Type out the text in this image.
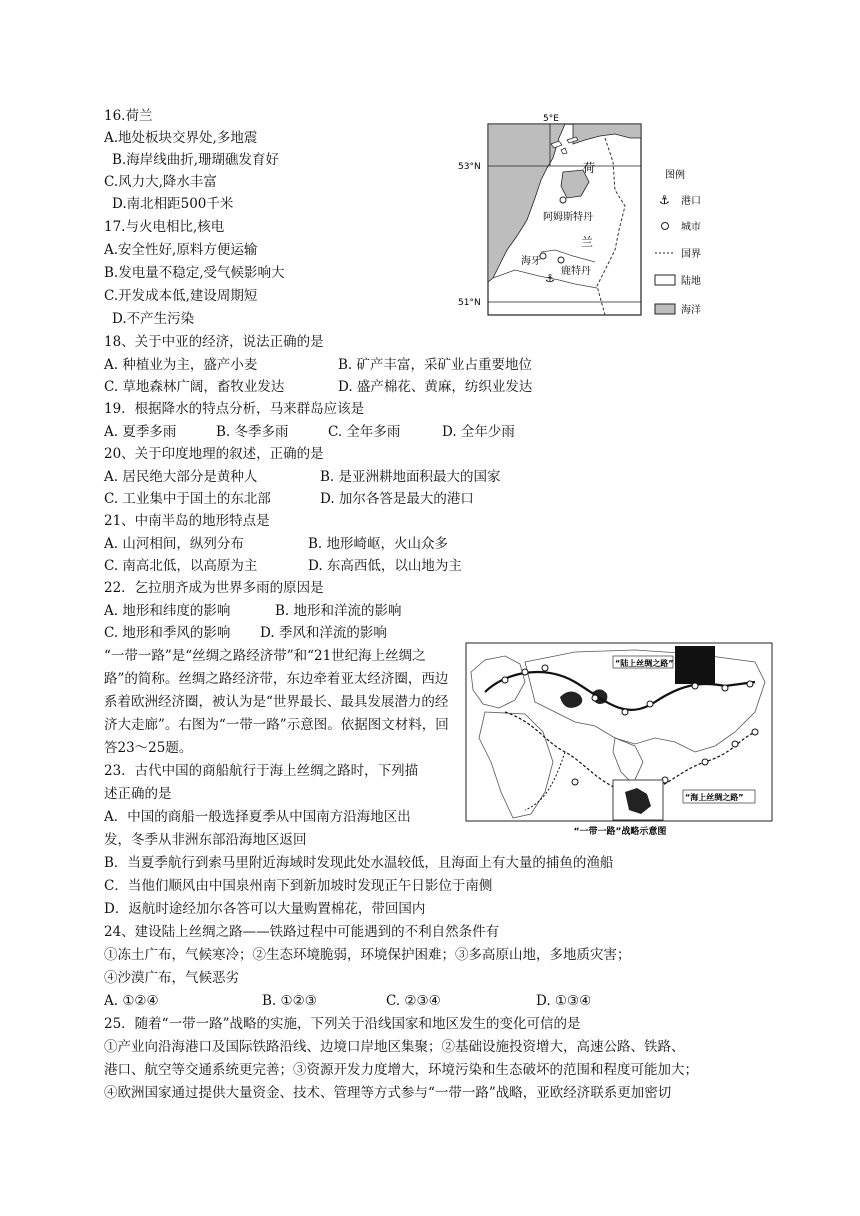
16.荷兰
A.地处板块交界处,多地震
B.海岸线曲折,珊瑚礁发育好
C.风力大,降水丰富
D.南北相距500千米
17.与火电相比,核电
A.安全性好,原料方便运输
B.发电量不稳定,受气候影响大
C.开发成本低,建设周期短
D.不产生污染
5°E
53°N
51°N
荷
兰
阿姆斯特丹
海牙
鹿特丹
⚓
图例
⚓ 港口
城市
国界
陆地
海洋
18、关于中亚的经济，说法正确的是
A. 种植业为主，盛产小麦	B. 矿产丰富，采矿业占重要地位
C. 草地森林广阔，畜牧业发达	D. 盛产棉花、黄麻，纺织业发达
19．根据降水的特点分析，马来群岛应该是
A. 夏季多雨	B. 冬季多雨	C. 全年多雨	D. 全年少雨
20、关于印度地理的叙述，正确的是
A. 居民绝大部分是黄种人	B. 是亚洲耕地面积最大的国家
C. 工业集中于国土的东北部	D. 加尔各答是最大的港口
21、中南半岛的地形特点是
A. 山河相间，纵列分布	B. 地形崎岖，火山众多
C. 南高北低，以高原为主	D. 东高西低，以山地为主
22．乞拉朋齐成为世界多雨的原因是
A. 地形和纬度的影响	B. 地形和洋流的影响
C. 地形和季风的影响 D. 季风和洋流的影响
“一带一路”是“丝绸之路经济带”和“21世纪海上丝绸之路”的简称。丝绸之路经济带，东边牵着亚太经济圈，西边系着欧洲经济圈，被认为是“世界最长、最具发展潜力的经济大走廊”。右图为“一带一路”示意图。依据图文材料，回答23～25题。
“陆上丝绸之路”
“海上丝绸之路”
“一带一路”战略示意图
23．古代中国的商船航行于海上丝绸之路时，下列描
述正确的是
A．中国的商船一般选择夏季从中国南方沿海地区出
发，冬季从非洲东部沿海地区返回
B．当夏季航行到索马里附近海域时发现此处水温较低，且海面上有大量的捕鱼的渔船
C．当他们顺风由中国泉州南下到新加坡时发现正午日影位于南侧
D．返航时途经加尔各答可以大量购置棉花，带回国内
24、建设陆上丝绸之路——铁路过程中可能遇到的不利自然条件有
①冻土广布，气候寒冷；②生态环境脆弱，环境保护困难；③多高原山地，多地质灾害；
④沙漠广布，气候恶劣
A. ①②④	B. ①②③	C. ②③④	D. ①③④
25．随着“一带一路”战略的实施，下列关于沿线国家和地区发生的变化可信的是
①产业向沿海港口及国际铁路沿线、边境口岸地区集聚；②基础设施投资增大，高速公路、铁路、
港口、航空等交通系统更完善；③资源开发力度增大，环境污染和生态破坏的范围和程度可能加大；
④欧洲国家通过提供大量资金、技术、管理等方式参与“一带一路”战略，亚欧经济联系更加密切
